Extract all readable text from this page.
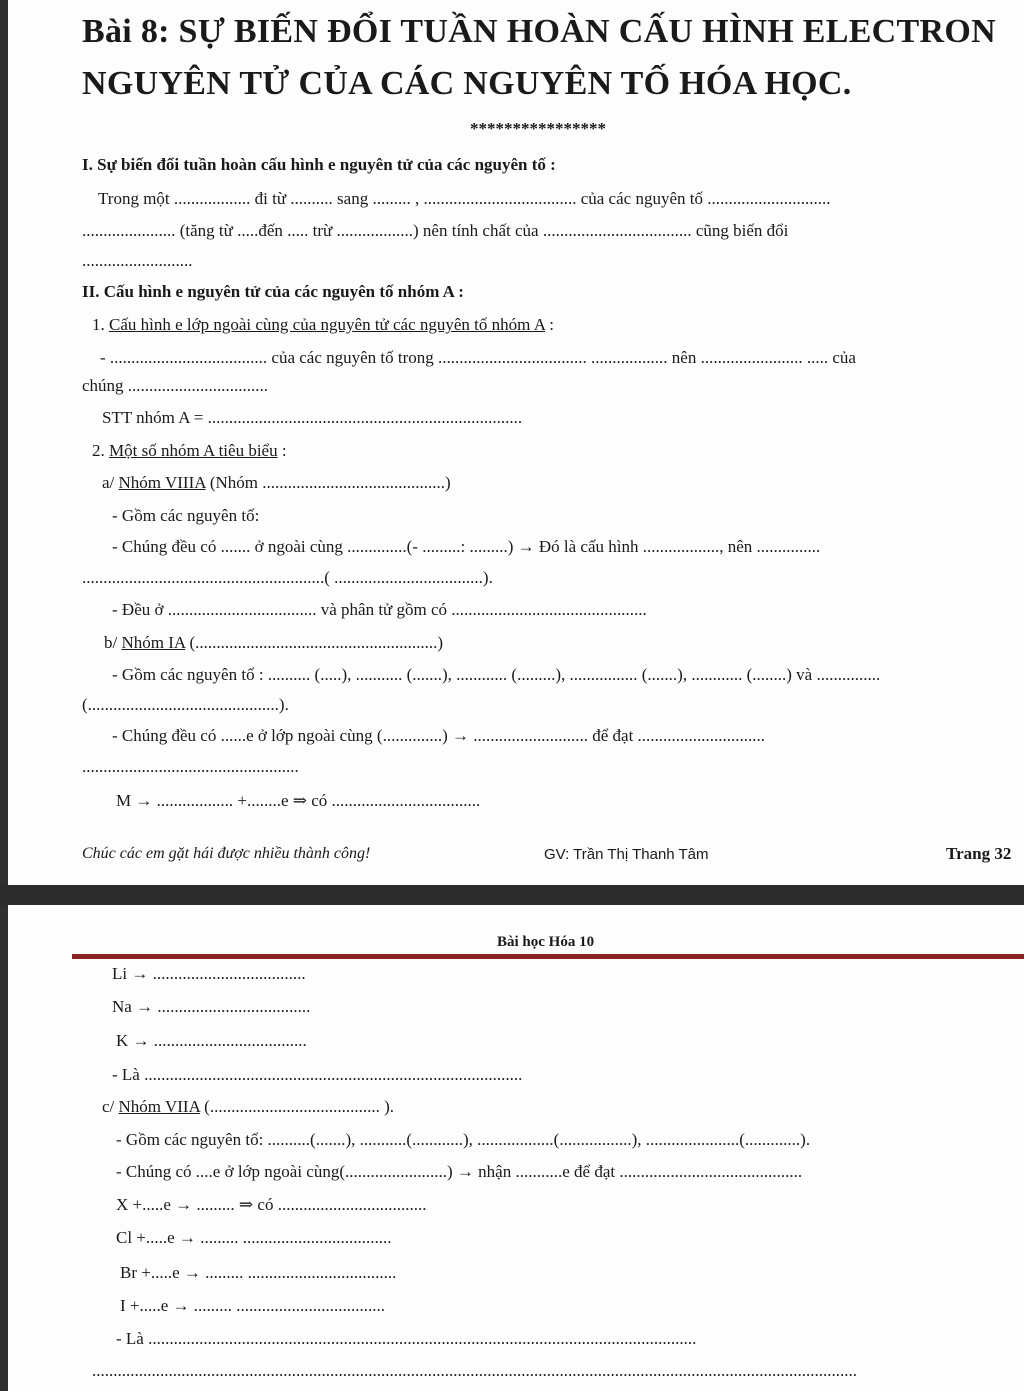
Bài 8: SỰ BIẾN ĐỔI TUẦN HOÀN CẤU HÌNH ELECTRON
NGUYÊN TỬ CỦA CÁC NGUYÊN TỐ HÓA HỌC.
****************
I. Sự biến đổi tuần hoàn cấu hình e nguyên tử của các nguyên tố :
Trong một .................. đi từ .......... sang ......... , .................................... của các nguyên tố .............................
...................... (tăng từ .....đến ..... trừ ..................) nên tính chất của ................................... cũng biến đổi
..........................
II. Cấu hình e nguyên tử của các nguyên tố nhóm A :
1. Cấu hình e lớp ngoài cùng của nguyên tử các nguyên tố nhóm A :
- ..................................... của các nguyên tố trong ................................... .................. nên ........................ ..... của
chúng .................................
STT nhóm A = ..........................................................................
2. Một số nhóm A tiêu biểu :
a/ Nhóm VIIIA (Nhóm ...........................................)
- Gồm các nguyên tố:
- Chúng đều có ....... ở ngoài cùng ..............(- .........: .........) → Đó là cấu hình .................., nên ...............
.........................................................( ...................................).
- Đều ở ................................... và phân tử gồm có ..............................................
b/ Nhóm IA (.........................................................)
- Gồm các nguyên tố : .......... (.....), ........... (.......), ............ (.........), ................ (.......), ............ (........) và ...............
(.............................................).
- Chúng đều có ......e ở lớp ngoài cùng (..............) → ........................... để đạt ..............................
...................................................
M → .................. +........e ⇒ có ...................................
Chúc các em gặt hái được nhiều thành công!	GV: Trần Thị Thanh Tâm	Trang 32
Bài học Hóa 10
Li → ....................................
Na → ....................................
K → ....................................
- Là .........................................................................................
c/ Nhóm VIIA (........................................ ).
- Gồm các nguyên tố: ..........(.......), ...........(............), ..................(.................), ......................(.............).
- Chúng có ....e ở lớp ngoài cùng(........................) → nhận ...........e để đạt ...........................................
X +.....e → ......... ⇒ có ...................................
Cl +.....e → ......... ...................................
Br +.....e → ......... ...................................
I +.....e → ......... ...................................
- Là .................................................................................................................................
....................................................................................................................................................................................
